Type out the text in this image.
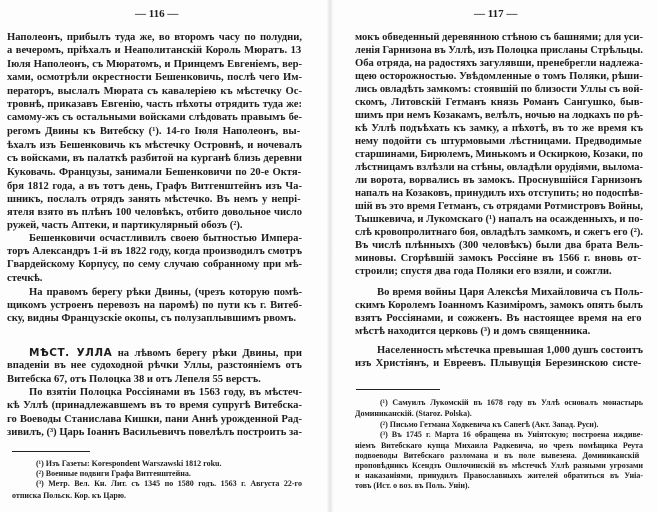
— 116 —	— 117 —
Наполеонъ, прибылъ туда же, во второмъ часу по полудни,
а вечеромъ, пріѣхалъ и Неаполитанскій Король Мюратъ. 13
Іюля Наполеонъ, съ Мюратомъ, и Принцемъ Евгеніемъ, вер-
хами, осмотрѣли окрестности Бешенковичь, послѣ чего Им-
ператоръ, выслалъ Мюрата съ кавалеріею къ мѣстечку Ос-
тровнѣ, приказавъ Евгенію, часть пѣхоты отрядить туда же:
самому-жъ съ остальными войсками слѣдовать правымъ бе-
регомъ Двины къ Витебску (¹). 14-го Іюля Наполеонъ, вы-
ѣхалъ изъ Бешенковичь къ мѣстечку Островнѣ, и ночевалъ
съ войсками, въ палаткѣ разбитой на курганѣ близь деревни
Куковачь. Французы, занимали Бешенковичи по 20-е Октя-
бря 1812 года, а въ тотъ день, Графъ Витгенштейнъ изъ Ча-
шникъ, послалъ отрядъ занять мѣстечко. Въ немъ у непрі-
ятеля взято въ плѣнъ 100 человѣкъ, отбито довольное число
ружей, часть Аптеки, и партикулярный обозъ (²).
Бешенковичи осчастливилъ своею бытностью Импера-
торъ Александръ 1-й въ 1822 году, когда производилъ смотръ
Гвардейскому Корпусу, по сему случаю собранному при мѣ-
стечкѣ.
На правомъ берегу рѣки Двины, (чрезъ которую помѣ-
щикомъ устроенъ перевозъ на паромѣ) по пути къ г. Витеб-
ску, видны Французскіе окопы, съ полузаплывшимъ рвомъ.
МѢСТ. УЛЛА на лѣвомъ берегу рѣки Двины, при
впаденіи въ нее судоходной рѣчки Уллы, разстояніемъ отъ
Витебска 67, отъ Полоцка 38 и отъ Лепеля 55 верстъ.
По взятіи Полоцка Россіянами въ 1563 году, въ мѣстеч-
кѣ Уллѣ (принадлежавшемъ въ то время супругѣ Витебска-
го Воеводы Станислава Кишки, пани Аннѣ урожденной Рад-
зивилъ, (³) Царь Іоаннъ Васильевичъ повелѣлъ построить за-
(¹) Изъ Газеты: Korespondent Warszawski 1812 roku.
(²) Военные подвиги Графа Витгенштейна.
(³) Метр. Вел. Кн. Лит. съ 1345 по 1580 годъ. 1563 г. Августа 22-го
отписка Польск. Кор. къ Царю.
мокъ обведенный деревянною стѣною съ башнями; для уси-
ленія Гарнизона въ Уллѣ, изъ Полоцка присланы Стрѣльцы.
Оба отряда, на радостяхъ загулявши, пренебрегли надлежа-
щею осторожностью. Увѣдомленные о томъ Поляки, рѣши-
лись овладѣть замкомъ: стоявшій по близости Уллы съ вой-
скомъ, Литовскій Гетманъ князь Романъ Сангушко, быв-
шимъ при немъ Козакамъ, велѣлъ, ночью на лодкахъ по рѣ-
кѣ Уллѣ подъѣхать къ замку, а пѣхотѣ, въ то же время къ
нему подойти съ штурмовыми лѣстницами. Предводимые
старшинами, Бирюлемъ, Минькомъ и Оскиркою, Козаки, по
лѣстницамъ взлѣзли на стѣны, овладѣли орудіями, вылома-
ли ворота, ворвались въ замокъ. Проснувшійся Гарнизонъ
напалъ на Козаковъ, принудилъ ихъ отступить; но подоспѣв-
шій въ это время Гетманъ, съ отрядами Ротмистровъ Войны,
Тышкевича, и Лукомскаго (¹) напалъ на осажденныхъ, и по-
слѣ кровопролитнаго боя, овладѣлъ замкомъ, и сжегъ его (²).
Въ числѣ плѣнныхъ (300 человѣкъ) были два брата Вель-
миновы. Сгорѣвшій замокъ Россіяне въ 1566 г. вновь от-
строили; спустя два года Поляки его взяли, и сожгли.
Во время войны Царя Алексѣя Михайловича съ Поль-
скимъ Королемъ Іоанномъ Казиміромъ, замокъ опять былъ
взятъ Россіянами, и сожженъ. Въ настоящее время на его
мѣстѣ находится церковь (³) и домъ священника.
Населенность мѣстечка превышая 1,000 душъ состоитъ
изъ Христіянъ, и Евреевъ. Плывущія Березинскою систе-
(¹) Самуилъ Лукомскій въ 1678 году въ Уллѣ основалъ монастырь
Доминиканскій. (Staroz. Polska).
(²) Письмо Гетмана Ходкевича къ Сапегѣ (Акт. Запад. Руси).
(³) Въ 1745 г. Марта 16 обращена въ Уніятскую; построена иждиве-
ніемъ Витебскаго купца Михаила Радкевича, но чрезъ помѣщика Реута
подвоеводы Витебскаго разломана и въ поле вывезена. Доминиканскій
проповѣдникъ Ксендзъ Ошлочинскій въ мѣстечкѣ Уллѣ разными угрозами
и наказаніями, принудилъ Православныхъ жителей обратиться въ Уніа-
товъ (Ист. о воз. въ Поль. Уніи).
